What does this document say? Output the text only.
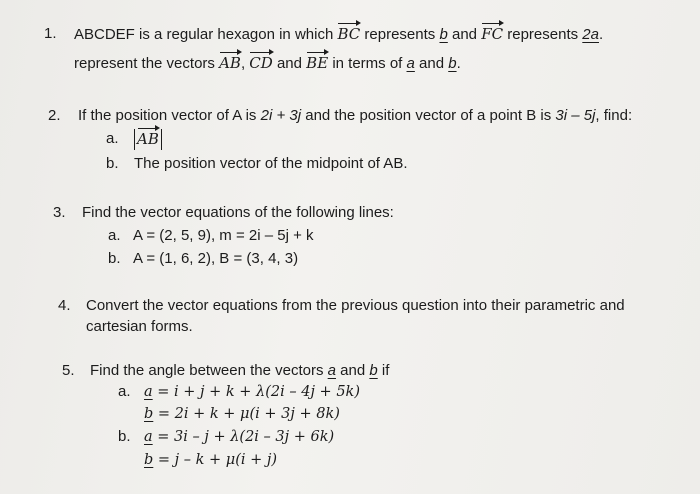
1. ABCDEF is a regular hexagon in which BC represents b and FC represents 2a.
represent the vectors AB, CD and BE in terms of a and b.
2. If the position vector of A is 2i + 3j and the position vector of a point B is 3i – 5j, find:
a. AB
b. The position vector of the midpoint of AB.
3. Find the vector equations of the following lines:
a. A = (2, 5, 9), m = 2i – 5j + k
b. A = (1, 6, 2), B = (3, 4, 3)
4. Convert the vector equations from the previous question into their parametric and
cartesian forms.
5. Find the angle between the vectors a and b if
a. a = i + j + k + λ(2i – 4j + 5k)
b = 2i + k + μ(i + 3j + 8k)
b. a = 3i – j + λ(2i – 3j + 6k)
b = j – k + μ(i + j)
